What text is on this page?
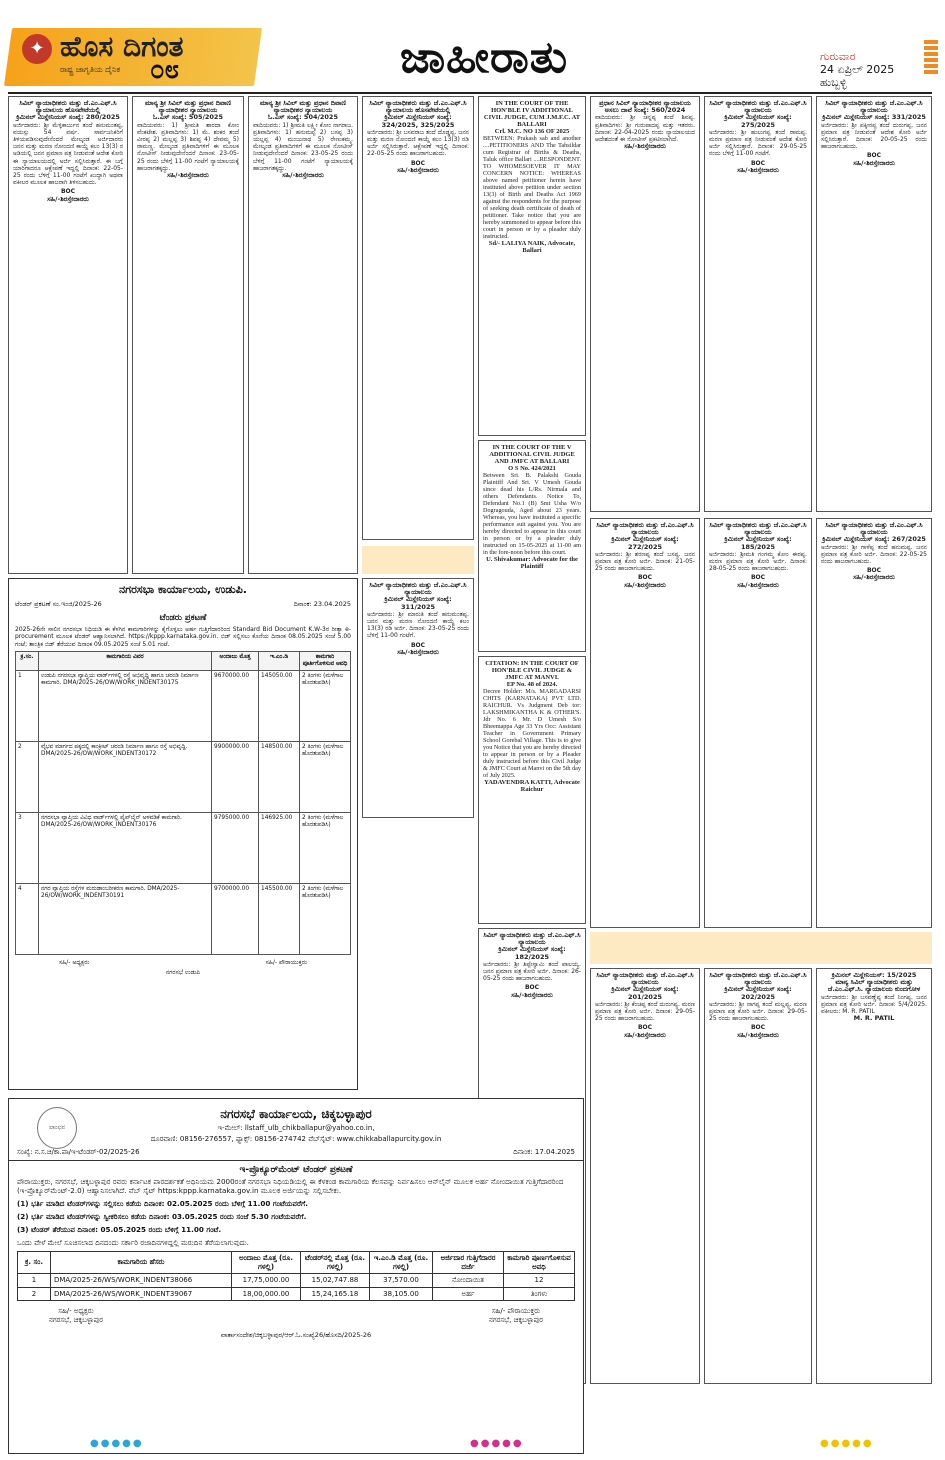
✦ ಹೊಸ ದಿಗಂತ
ರಾಷ್ಟ್ರ ಜಾಗೃತಿಯ ದೈನಿಕ ೦೮	ಜಾಹೀರಾತು	ಗುರುವಾರ
24 ಏಪ್ರಿಲ್ 2025
ಹುಬ್ಬಳ್ಳಿ
ಸಿವಿಲ್ ನ್ಯಾಯಾಧೀಶರು ಮತ್ತು ಜೆ.ಎಂ.ಎಫ್.ಸಿ ನ್ಯಾಯಾಲಯ ಹೊಸಪೇಟೆಯಲ್ಲಿ
ಕ್ರಿಮಿನಲ್ ಮಿಸ್ಲೇನಿಯಸ್ ಸಂಖ್ಯೆ: 280/2025
ಅರ್ಜಿದಾರರು: ಶ್ರೀ ಮೆಳ್ಳಿಕಾರ್ಜುನ ತಂದೆ ಹನುಮಂತಪ್ಪ, ವಯಸ್ಸು 54 ವರ್ಷ. ಸಾರ್ವಜನಿಕರಿಗೆ ತಿಳಿಯಪಡಿಸುವುದೇನೆಂದರೆ ಮೇಲ್ಕಂಡ ಅರ್ಜಿದಾರರು ಜನನ ಮತ್ತು ಮರಣ ನೋಂದಣಿ ಕಾಯ್ದೆ ಕಲಂ 13(3) ರ ಅಡಿಯಲ್ಲಿ ಜನನ ಪ್ರಮಾಣ ಪತ್ರ ನೀಡುವಂತೆ ಆದೇಶ ಕೋರಿ ಈ ನ್ಯಾಯಾಲಯದಲ್ಲಿ ಅರ್ಜಿ ಸಲ್ಲಿಸಿರುತ್ತಾರೆ. ಈ ಬಗ್ಗೆ ಯಾರಿಗಾದರೂ ಆಕ್ಷೇಪಣೆ ಇದ್ದಲ್ಲಿ ದಿನಾಂಕ: 22-05-25 ರಂದು ಬೆಳಿಗ್ಗೆ 11-00 ಗಂಟೆಗೆ ಖುದ್ದಾಗಿ ಅಥವಾ ವಕೀಲರ ಮೂಲಕ ಹಾಜರಾಗಿ ತಿಳಿಸಬಹುದು.
BOC
ಸಹಿ/-ಶಿರಸ್ತೇದಾರರು
ಮಾನ್ಯ ಶ್ರೀ ಸಿವಿಲ್ ಮತ್ತು ಪ್ರಧಾನ ದಿವಾಣಿ ನ್ಯಾಯಾಧೀಶರ ನ್ಯಾಯಾಲಯ
ಓ.ಎಸ್ ಸಂಖ್ಯೆ: 505/2025
ವಾದಿಯವರು: 1) ಶ್ರೀಮತಿ ಶಾರದಾ ಕೋಂ ವೆಂಕಟೇಶ. ಪ್ರತಿವಾದಿಗಳು: 1) ಮೆ. ಶಂಕರ ತಂದೆ ವೀರಪ್ಪ 2) ಮಲ್ಲಪ್ಪ 3) ಶಿವಪ್ಪ 4) ದೇವಮ್ಮ 5) ರಾಮಣ್ಣ. ಮೇಲ್ಕಂಡ ಪ್ರತಿವಾದಿಗಳಿಗೆ ಈ ಮೂಲಕ ನೋಟೀಸ್ ನೀಡುವುದೇನೆಂದರೆ ದಿನಾಂಕ: 23-05-25 ರಂದು ಬೆಳಿಗ್ಗೆ 11-00 ಗಂಟೆಗೆ ನ್ಯಾಯಾಲಯಕ್ಕೆ ಹಾಜರಾಗತಕ್ಕದ್ದು.
ಸಹಿ/-ಶಿರಸ್ತೇದಾರರು
ಮಾನ್ಯ ಶ್ರೀ ಸಿವಿಲ್ ಮತ್ತು ಪ್ರಧಾನ ದಿವಾಣಿ ನ್ಯಾಯಾಧೀಶರ ನ್ಯಾಯಾಲಯ
ಓ.ಎಸ್ ಸಂಖ್ಯೆ: 504/2025
ವಾದಿಯವರು: 1) ಶ್ರೀಮತಿ ಲಕ್ಷ್ಮೀ ಕೋಂ ನಾಗರಾಜ. ಪ್ರತಿವಾದಿಗಳು: 1) ಹನುಮಪ್ಪ 2) ಬಸಪ್ಪ 3) ಯಲ್ಲಪ್ಪ 4) ಮಂಜುನಾಥ 5) ರೇಣುಕಮ್ಮ. ಮೇಲ್ಕಂಡ ಪ್ರತಿವಾದಿಗಳಿಗೆ ಈ ಮೂಲಕ ನೋಟೀಸ್ ನೀಡುವುದೇನೆಂದರೆ ದಿನಾಂಕ: 23-05-25 ರಂದು ಬೆಳಿಗ್ಗೆ 11-00 ಗಂಟೆಗೆ ನ್ಯಾಯಾಲಯಕ್ಕೆ ಹಾಜರಾಗತಕ್ಕದ್ದು.
ಸಹಿ/-ಶಿರಸ್ತೇದಾರರು
ಸಿವಿಲ್ ನ್ಯಾಯಾಧೀಶರು ಮತ್ತು ಜೆ.ಎಂ.ಎಫ್.ಸಿ ನ್ಯಾಯಾಲಯ ಹೊಸಪೇಟೆಯಲ್ಲಿ
ಕ್ರಿಮಿನಲ್ ಮಿಸ್ಲೇನಿಯಸ್ ಸಂಖ್ಯೆ: 324/2025, 325/2025
ಅರ್ಜಿದಾರರು: ಶ್ರೀ ಬಸವರಾಜ ತಂದೆ ದೊಡ್ಡಪ್ಪ. ಜನನ ಮತ್ತು ಮರಣ ನೋಂದಣಿ ಕಾಯ್ದೆ ಕಲಂ 13(3) ರಡಿ ಅರ್ಜಿ ಸಲ್ಲಿಸಿರುತ್ತಾರೆ. ಆಕ್ಷೇಪಣೆ ಇದ್ದಲ್ಲಿ ದಿನಾಂಕ: 22-05-25 ರಂದು ಹಾಜರಾಗಬಹುದು.
BOC
ಸಹಿ/-ಶಿರಸ್ತೇದಾರರು
IN THE COURT OF THE HON'BLE IV ADDITIONAL CIVIL JUDGE, CUM J.M.F.C. AT BALLARI
Crl. M.C. NO 136 OF 2025
BETWEEN: Prakash sab and another ....PETITIONERS AND The Tahsildar cum Registrar of Births & Deaths, Taluk office Ballari ....RESPONDENT. TO WHOMESOEVER IT MAY CONCERN NOTICE: WHEREAS above named petitioner herein have instituted above petition under section 13(3) of Birth and Deaths Act 1969 against the respondents for the purpose of seeking death certificate of death of petitioner. Take notice that you are hereby summoned to appear before this court in person or by a pleader duly instructed.
Sd/- LALIYA NAIK, Advocate, Ballari
IN THE COURT OF THE V ADDITIONAL CIVIL JUDGE AND JMFC AT BALLARI
O S No. 424/2021
Between Sri. B. Palakshi Gouda Plaintiff And Sri. V Umesh Gouda since dead his L/Rs. Nirmala and others Defendants. Notice To, Defendant No.1 (B) Smt Usha W/o Dogragouda, Aged about 23 years. Whereas, you have instituted a specific performance suit against you. You are hereby directed to appear in this court in person or by a pleader duly instructed on 15-05-2025 at 11-00 am in the fore-noon before this court.
U. Shivakumar: Advocate for the Plaintiff
CITATION: IN THE COURT OF HON'BLE CIVIL JUDGE & JMFC AT MANVI.
EP No. 48 of 2024.
Decree Holder: M/s. MARGADARSI CHITS (KARNATAKA) PVT LTD. RAICHUR. Vs Judgment Deb tor: LAKSHMIKANTHA K & OTHER'S. Jdr No. 6 Mr. D Umesh S/o Bheemappa Age 33 Yrs Occ: Assistant Teacher in Government Primary School Gorebal Village. This is to give you Notice that you are hereby directed to appear in person or by a Pleader duly instructed before this Civil Judge & JMFC Court at Manvi on the 5th day of July 2025.
YADAVENDRA KATTI, Advocate Raichur
ಪ್ರಧಾನ ಸಿವಿಲ್ ನ್ಯಾಯಾಧೀಶರ ನ್ಯಾಯಾಲಯ
ಅಸಲು ದಾವೆ ಸಂಖ್ಯೆ: 560/2024
ವಾದಿಯವರು: ಶ್ರೀ ಚನ್ನಪ್ಪ ತಂದೆ ಶಿವಪ್ಪ. ಪ್ರತಿವಾದಿಗಳು: ಶ್ರೀ ಗುರುಪಾದಪ್ಪ ಮತ್ತು ಇತರರು. ದಿನಾಂಕ: 22-04-2025 ರಂದು ನ್ಯಾಯಾಲಯದ ಆದೇಶದಂತೆ ಈ ನೋಟೀಸ್ ಪ್ರಕಟಿಸಲಾಗಿದೆ.
ಸಹಿ/-ಶಿರಸ್ತೇದಾರರು
ಸಿವಿಲ್ ನ್ಯಾಯಾಧೀಶರು ಮತ್ತು ಜೆ.ಎಂ.ಎಫ್.ಸಿ ನ್ಯಾಯಾಲಯ
ಕ್ರಿಮಿನಲ್ ಮಿಸ್ಲೇನಿಯಸ್ ಸಂಖ್ಯೆ: 275/2025
ಅರ್ಜಿದಾರರು: ಶ್ರೀ ಹುಲುಗಪ್ಪ ತಂದೆ ರಾಮಪ್ಪ. ಮರಣ ಪ್ರಮಾಣ ಪತ್ರ ನೀಡುವಂತೆ ಆದೇಶ ಕೋರಿ ಅರ್ಜಿ ಸಲ್ಲಿಸಿರುತ್ತಾರೆ. ದಿನಾಂಕ: 29-05-25 ರಂದು ಬೆಳಿಗ್ಗೆ 11-00 ಗಂಟೆಗೆ.
BOC
ಸಹಿ/-ಶಿರಸ್ತೇದಾರರು
ಸಿವಿಲ್ ನ್ಯಾಯಾಧೀಶರು ಮತ್ತು ಜೆ.ಎಂ.ಎಫ್.ಸಿ ನ್ಯಾಯಾಲಯ
ಕ್ರಿಮಿನಲ್ ಮಿಸ್ಲೇನಿಯಸ್ ಸಂಖ್ಯೆ: 331/2025
ಅರ್ಜಿದಾರರು: ಶ್ರೀ ಪಕ್ಕೀರಪ್ಪ ತಂದೆ ದುರುಗಪ್ಪ. ಜನನ ಪ್ರಮಾಣ ಪತ್ರ ನೀಡುವಂತೆ ಆದೇಶ ಕೋರಿ ಅರ್ಜಿ ಸಲ್ಲಿಸಿರುತ್ತಾರೆ. ದಿನಾಂಕ: 20-05-25 ರಂದು ಹಾಜರಾಗಬಹುದು.
BOC
ಸಹಿ/-ಶಿರಸ್ತೇದಾರರು
ಸಿವಿಲ್ ನ್ಯಾಯಾಧೀಶರು ಮತ್ತು ಜೆ.ಎಂ.ಎಫ್.ಸಿ ನ್ಯಾಯಾಲಯ
ಕ್ರಿಮಿನಲ್ ಮಿಸ್ಲೇನಿಯಸ್ ಸಂಖ್ಯೆ: 311/2025
ಅರ್ಜಿದಾರರು: ಶ್ರೀ ಮಾರುತಿ ತಂದೆ ಹನುಮಂತಪ್ಪ. ಜನನ ಮತ್ತು ಮರಣ ನೋಂದಣಿ ಕಾಯ್ದೆ ಕಲಂ 13(3) ರಡಿ ಅರ್ಜಿ. ದಿನಾಂಕ: 23-05-25 ರಂದು ಬೆಳಿಗ್ಗೆ 11-00 ಗಂಟೆಗೆ.
BOC
ಸಹಿ/-ಶಿರಸ್ತೇದಾರರು
ಸಿವಿಲ್ ನ್ಯಾಯಾಧೀಶರು ಮತ್ತು ಜೆ.ಎಂ.ಎಫ್.ಸಿ ನ್ಯಾಯಾಲಯ
ಕ್ರಿಮಿನಲ್ ಮಿಸ್ಲೇನಿಯಸ್ ಸಂಖ್ಯೆ: 272/2025
ಅರ್ಜಿದಾರರು: ಶ್ರೀ ಶರಣಪ್ಪ ತಂದೆ ಬಸಪ್ಪ. ಜನನ ಪ್ರಮಾಣ ಪತ್ರ ಕೋರಿ ಅರ್ಜಿ. ದಿನಾಂಕ: 21-05-25 ರಂದು ಹಾಜರಾಗಬಹುದು.
BOC
ಸಹಿ/-ಶಿರಸ್ತೇದಾರರು
ಸಿವಿಲ್ ನ್ಯಾಯಾಧೀಶರು ಮತ್ತು ಜೆ.ಎಂ.ಎಫ್.ಸಿ ನ್ಯಾಯಾಲಯ
ಕ್ರಿಮಿನಲ್ ಮಿಸ್ಲೇನಿಯಸ್ ಸಂಖ್ಯೆ: 185/2025
ಅರ್ಜಿದಾರರು: ಶ್ರೀಮತಿ ಗಂಗಮ್ಮ ಕೋಂ ಈರಪ್ಪ. ಮರಣ ಪ್ರಮಾಣ ಪತ್ರ ಕೋರಿ ಅರ್ಜಿ. ದಿನಾಂಕ: 28-05-25 ರಂದು ಹಾಜರಾಗಬಹುದು.
BOC
ಸಹಿ/-ಶಿರಸ್ತೇದಾರರು
ಸಿವಿಲ್ ನ್ಯಾಯಾಧೀಶರು ಮತ್ತು ಜೆ.ಎಂ.ಎಫ್.ಸಿ ನ್ಯಾಯಾಲಯ
ಕ್ರಿಮಿನಲ್ ಮಿಸ್ಲೇನಿಯಸ್ ಸಂಖ್ಯೆ: 267/2025
ಅರ್ಜಿದಾರರು: ಶ್ರೀ ಗಾಳೆಪ್ಪ ತಂದೆ ಹನುಮಪ್ಪ. ಜನನ ಪ್ರಮಾಣ ಪತ್ರ ಕೋರಿ ಅರ್ಜಿ. ದಿನಾಂಕ: 22-05-25 ರಂದು ಹಾಜರಾಗಬಹುದು.
BOC
ಸಹಿ/-ಶಿರಸ್ತೇದಾರರು
ಸಿವಿಲ್ ನ್ಯಾಯಾಧೀಶರು ಮತ್ತು ಜೆ.ಎಂ.ಎಫ್.ಸಿ ನ್ಯಾಯಾಲಯ
ಕ್ರಿಮಿನಲ್ ಮಿಸ್ಲೇನಿಯಸ್ ಸಂಖ್ಯೆ: 182/2025
ಅರ್ಜಿದಾರರು: ಶ್ರೀ ತಿಪ್ಪೇಸ್ವಾಮಿ ತಂದೆ ಪಾಲಯ್ಯ. ಜನನ ಪ್ರಮಾಣ ಪತ್ರ ಕೋರಿ ಅರ್ಜಿ. ದಿನಾಂಕ: 26-05-25 ರಂದು ಹಾಜರಾಗಬಹುದು.
BOC
ಸಹಿ/-ಶಿರಸ್ತೇದಾರರು
ಸಿವಿಲ್ ನ್ಯಾಯಾಧೀಶರು ಮತ್ತು ಜೆ.ಎಂ.ಎಫ್.ಸಿ ನ್ಯಾಯಾಲಯ
ಕ್ರಿಮಿನಲ್ ಮಿಸ್ಲೇನಿಯಸ್ ಸಂಖ್ಯೆ: 201/2025
ಅರ್ಜಿದಾರರು: ಶ್ರೀ ಕೆಂಚಪ್ಪ ತಂದೆ ದುರುಗಪ್ಪ. ಮರಣ ಪ್ರಮಾಣ ಪತ್ರ ಕೋರಿ ಅರ್ಜಿ. ದಿನಾಂಕ: 29-05-25 ರಂದು ಹಾಜರಾಗಬಹುದು.
BOC
ಸಹಿ/-ಶಿರಸ್ತೇದಾರರು
ಸಿವಿಲ್ ನ್ಯಾಯಾಧೀಶರು ಮತ್ತು ಜೆ.ಎಂ.ಎಫ್.ಸಿ ನ್ಯಾಯಾಲಯ
ಕ್ರಿಮಿನಲ್ ಮಿಸ್ಲೇನಿಯಸ್ ಸಂಖ್ಯೆ: 202/2025
ಅರ್ಜಿದಾರರು: ಶ್ರೀ ನಾಗಪ್ಪ ತಂದೆ ಮಲ್ಲಪ್ಪ. ಮರಣ ಪ್ರಮಾಣ ಪತ್ರ ಕೋರಿ ಅರ್ಜಿ. ದಿನಾಂಕ: 29-05-25 ರಂದು ಹಾಜರಾಗಬಹುದು.
BOC
ಸಹಿ/-ಶಿರಸ್ತೇದಾರರು
ಕ್ರಿಮಿನಲ್ ಮಿಸ್ಲೇನಿಯಸ್: 15/2025
ಮಾನ್ಯ ಸಿವಿಲ್ ನ್ಯಾಯಾಧೀಶರು ಮತ್ತು ಜೆ.ಎಂ.ಎಫ್.ಸಿ. ನ್ಯಾಯಾಲಯ ಕುಂದಗೋಳ
ಅರ್ಜಿದಾರರು: ಶ್ರೀ ಬಸವಣ್ಣೆಪ್ಪ ತಂದೆ ನಿಂಗಪ್ಪ. ಜನನ ಪ್ರಮಾಣ ಪತ್ರ ಕೋರಿ ಅರ್ಜಿ. ದಿನಾಂಕ: 5/4/2025. ವಕೀಲರು: M. R. PATIL
M. R. PATIL
ನಗರಸಭಾ ಕಾರ್ಯಾಲಯ, ಉಡುಪಿ.
ಟೆಂಡರ್ ಪ್ರಕಟಣೆ ಸಂ.ಇಂಜಿ/2025-26	ದಿನಾಂಕ: 23.04.2025
ಟೆಂಡರು ಪ್ರಕಟಣೆ
2025-26ನೇ ಸಾಲಿನ ನಗರಸಭಾ ನಿಧಿಯಡಿ ಈ ಕೆಳಗಿನ ಕಾಮಗಾರಿಗಳನ್ನು ಕೈಗೊಳ್ಳಲು ಅರ್ಹ ಗುತ್ತಿಗೆದಾರರಿಂದ Standard Bid Document K.W-3ರ ರೀತ್ಯಾ e-procurement ಮೂಲಕ ಟೆಂಡರ್ ಆಹ್ವಾನಿಸಲಾಗಿದೆ. https://kppp.karnataka.gov.in. ಬಿಡ್ ಸಲ್ಲಿಸಲು ಕೊನೆಯ ದಿನಾಂಕ 08.05.2025 ಸಂಜೆ 5.00 ಗಂಟೆ; ತಾಂತ್ರಿಕ ಬಿಡ್ ತೆರೆಯುವ ದಿನಾಂಕ 09.05.2025 ಸಂಜೆ 5.01 ಗಂಟೆ.
ಕ್ರ.ಸಂ.	ಕಾಮಗಾರಿಯ ವಿವರ	ಅಂದಾಜು ಮೊತ್ತ	ಇ.ಎಂ.ಡಿ	ಕಾಮಗಾರಿ ಪೂರ್ತಿಗೊಳಿಸುವ ಅವಧಿ
1	ಉಡುಪಿ ನಗರಸಭಾ ವ್ಯಾಪ್ತಿಯ ವಾರ್ಡ್‌ಗಳಲ್ಲಿ ರಸ್ತೆ ಅಭಿವೃದ್ಧಿ ಹಾಗೂ ಚರಂಡಿ ನಿರ್ಮಾಣ ಕಾಮಗಾರಿ. DMA/2025-26/OW/WORK_INDENT30175	9670000.00	145050.00	2 ತಿಂಗಳು (ಮಳೆಗಾಲ ಹೊರತುಪಡಿಸಿ)
2	ವೈಭವ ಮಾರ್ಗದ ಪಕ್ಕದಲ್ಲಿ ಕಾಂಕ್ರೀಟ್ ಚರಂಡಿ ನಿರ್ಮಾಣ ಹಾಗೂ ರಸ್ತೆ ಅಭಿವೃದ್ಧಿ. DMA/2025-26/OW/WORK_INDENT30172	9900000.00	148500.00	2 ತಿಂಗಳು (ಮಳೆಗಾಲ ಹೊರತುಪಡಿಸಿ)
3	ನಗರಸಭಾ ವ್ಯಾಪ್ತಿಯ ವಿವಿಧ ವಾರ್ಡ್‌ಗಳಲ್ಲಿ ಪೈಪ್‌ಲೈನ್ ಅಳವಡಿಕೆ ಕಾಮಗಾರಿ. DMA/2025-26/OW/WORK_INDENT30176	9795000.00	146925.00	2 ತಿಂಗಳು (ಮಳೆಗಾಲ ಹೊರತುಪಡಿಸಿ)
4	ನಗರ ವ್ಯಾಪ್ತಿಯ ರಸ್ತೆಗಳ ಮರುಡಾಂಬರೀಕರಣ ಕಾಮಗಾರಿ. DMA/2025-26/OW/WORK_INDENT30191	9700000.00	145500.00	2 ತಿಂಗಳು (ಮಳೆಗಾಲ ಹೊರತುಪಡಿಸಿ)
ಸಹಿ/- ಅಧ್ಯಕ್ಷರು	ಸಹಿ/- ಪೌರಾಯುಕ್ತರು
ನಗರಸಭೆ ಉಡುಪಿ
ಲಾಂಛನ
ನಗರಸಭೆ ಕಾರ್ಯಾಲಯ, ಚಿಕ್ಕಬಳ್ಳಾಪುರ
ಇ-ಮೇಲ್: llstaff_ulb_chikballapur@yahoo.co.in,
ದೂರವಾಣಿ: 08156-276557, ಫ್ಯಾಕ್ಸ್: 08156-274742 ವೆಬ್‌ಸೈಟ್: www.chikkaballapurcity.gov.in
ಸಂಖ್ಯೆ: ನ.ಸ.ಚಿ/ಕಾ.ಪಾ/ಇ-ಟೆಂಡರ್-02/2025-26	ದಿನಾಂಕ: 17.04.2025
ಇ-ಪ್ರೊಕ್ಯೂರ್‌ಮೆಂಟ್ ಟೆಂಡರ್ ಪ್ರಕಟಣೆ
ಪೌರಾಯುಕ್ತರು, ನಗರಸಭೆ, ಚಿಕ್ಕಬಳ್ಳಾಪುರ ರವರು ಕರ್ನಾಟಕ ಪಾರದರ್ಶಕತೆ ಅಧಿನಿಯಮ 2000ರಂತೆ ನಗರಸಭಾ ನಿಧಿಯಡಿಯಲ್ಲಿ ಈ ಕೆಳಕಂಡ ಕಾಮಗಾರಿಯ ಕೆಲಸವನ್ನು ನಿರ್ವಹಿಸಲು ಆನ್‌ಲೈನ್ ಮೂಲಕ ಅರ್ಹ ನೋಂದಾಯಿತ ಗುತ್ತಿಗೆದಾರರಿಂದ (ಇ-ಪ್ರೊಕ್ಯೂರ್‌ಮೆಂಟ್-2.0) ಆಹ್ವಾನಿಸಲಾಗಿದೆ. ವೆಬ್ ಸೈಟ್ https:kppp.karnataka.gov.in ಮೂಲಕ ಅರ್ಜಿಯನ್ನು ಸಲ್ಲಿಸಬೇಕು.
(1) ಭರ್ತಿ ಮಾಡಿದ ಟೆಂಡರ್‌ಗಳನ್ನು ಸಲ್ಲಿಸಲು ಕಡೆಯ ದಿನಾಂಕ: 02.05.2025 ರಂದು ಬೆಳಿಗ್ಗೆ 11.00 ಗಂಟೆಯವರೆಗೆ.
(2) ಭರ್ತಿ ಮಾಡಿದ ಟೆಂಡರ್‌ಗಳನ್ನು ಸ್ವೀಕರಿಸಲು ಕಡೆಯ ದಿನಾಂಕ: 03.05.2025 ರಂದು ಸಂಜೆ 5.30 ಗಂಟೆಯವರೆಗೆ.
(3) ಟೆಂಡರ್ ತೆರೆಯುವ ದಿನಾಂಕ: 05.05.2025 ರಂದು ಬೆಳಿಗ್ಗೆ 11.00 ಗಂಟೆ.
ಒಂದು ವೇಳೆ ಮೇಲೆ ಸೂಚಿಸಲಾದ ದಿನದಂದು ಸರ್ಕಾರಿ ರಜಾದಿನಗಳಿದ್ದಲ್ಲಿ ಮರುದಿನ ತೆರೆಯಲಾಗುವುದು.
ಕ್ರ. ಸಂ.	ಕಾಮಗಾರಿಯ ಹೆಸರು	ಅಂದಾಜು ಮೊತ್ತ (ರೂ. ಗಳಲ್ಲಿ)	ಟೆಂಡರ್‌ನಲ್ಲಿ ಮೊತ್ತ (ರೂ. ಗಳಲ್ಲಿ)	ಇ.ಎಂ.ಡಿ ಮೊತ್ತ (ರೂ. ಗಳಲ್ಲಿ)	ಅರ್ಜಿದಾರ ಗುತ್ತಿಗೆದಾರರ ದರ್ಜೆ	ಕಾಮಗಾರಿ ಪೂರ್ಣಗೊಳಿಸುವ ಅವಧಿ
1	DMA/2025-26/WS/WORK_INDENT38066	17,75,000.00	15,02,747.88	37,570.00	ನೋಂದಾಯಿತ	12
2	DMA/2025-26/WS/WORK_INDENT39067	18,00,000.00	15,24,165.18	38,105.00	ಅರ್ಹ	ತಿಂಗಳು
ಸಹಿ/- ಅಧ್ಯಕ್ಷರು
ನಗರಸಭೆ, ಚಿಕ್ಕಬಳ್ಳಾಪುರ
ಸಹಿ/- ಪೌರಾಯುಕ್ತರು
ನಗರಸಭೆ, ಚಿಕ್ಕಬಳ್ಳಾಪುರ
ವಾರ್ತಾಸಂದೇಶ/ಚಿಕ್ಕಬಳ್ಳಾಪುರ/ಆರ್.ಓ.ಸಂಖ್ಯೆ26/ಹೊಸದಿ/2025-26
●●●●●	●●●●●	●●●●●
